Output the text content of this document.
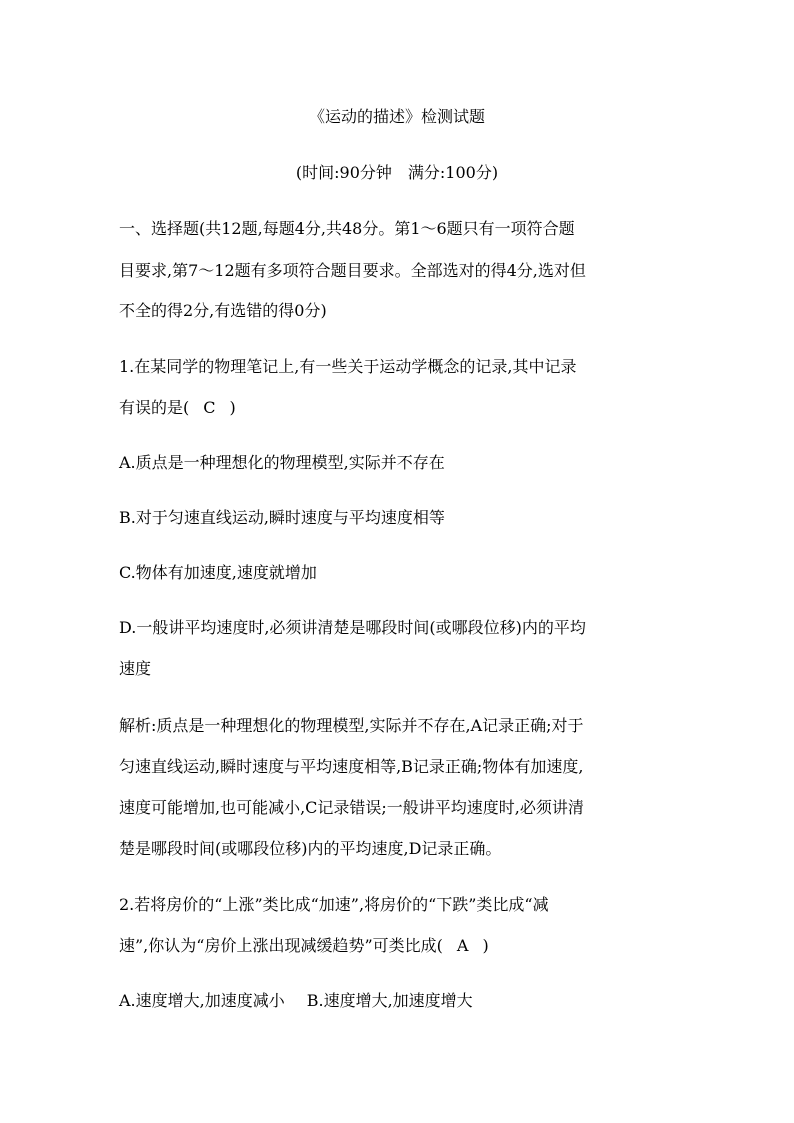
《运动的描述》检测试题
(时间:90分钟　满分:100分)
一、选择题(共12题,每题4分,共48分。第1～6题只有一项符合题
目要求,第7～12题有多项符合题目要求。全部选对的得4分,选对但
不全的得2分,有选错的得0分)
1.在某同学的物理笔记上,有一些关于运动学概念的记录,其中记录
有误的是( C )
A.质点是一种理想化的物理模型,实际并不存在
B.对于匀速直线运动,瞬时速度与平均速度相等
C.物体有加速度,速度就增加
D.一般讲平均速度时,必须讲清楚是哪段时间(或哪段位移)内的平均
速度
解析:质点是一种理想化的物理模型,实际并不存在,A记录正确;对于
匀速直线运动,瞬时速度与平均速度相等,B记录正确;物体有加速度,
速度可能增加,也可能减小,C记录错误;一般讲平均速度时,必须讲清
楚是哪段时间(或哪段位移)内的平均速度,D记录正确。
2.若将房价的“上涨”类比成“加速”,将房价的“下跌”类比成“减
速”,你认为“房价上涨出现减缓趋势”可类比成( A )
A.速度增大,加速度减小 B.速度增大,加速度增大
